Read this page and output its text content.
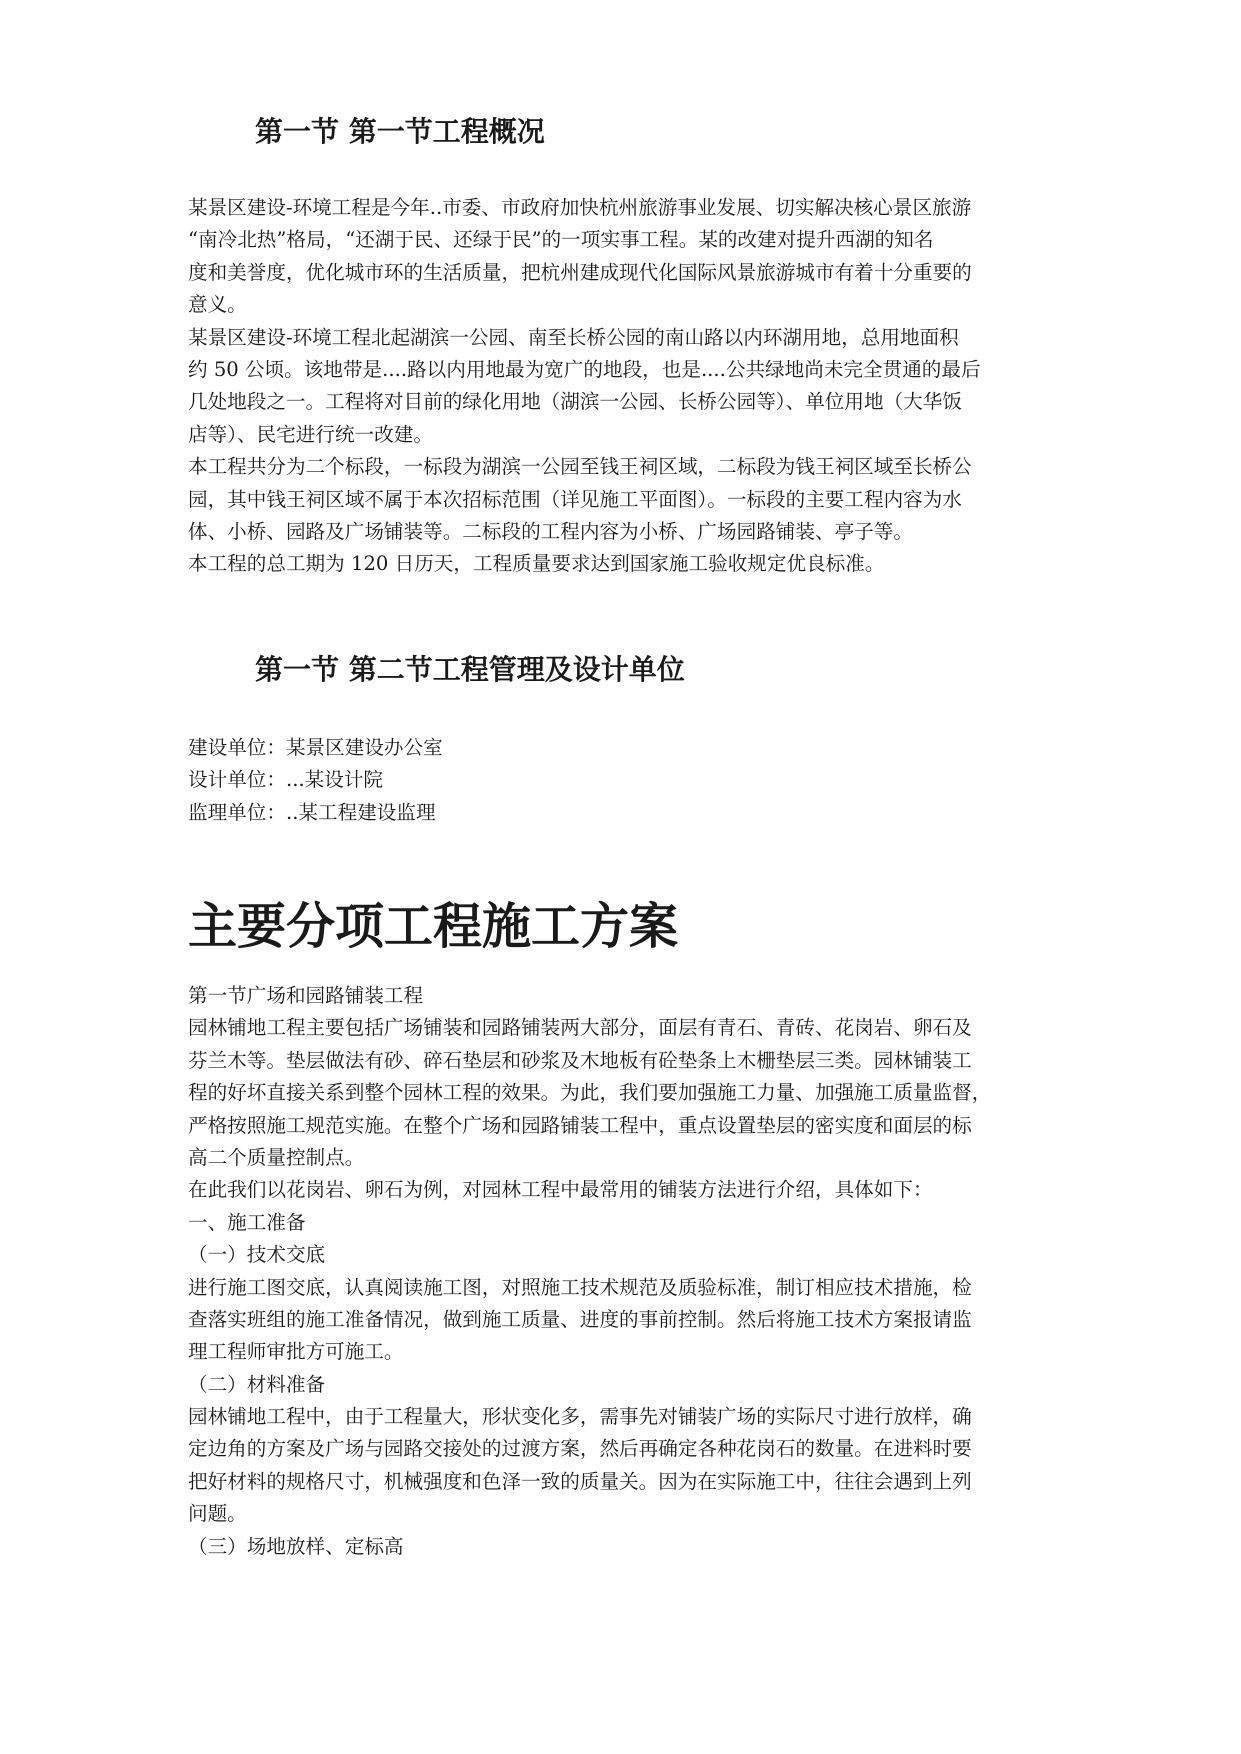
第一节 第一节工程概况
某景区建设-环境工程是今年..市委、市政府加快杭州旅游事业发展、切实解决核心景区旅游
“南冷北热”格局，“还湖于民、还绿于民”的一项实事工程。某的改建对提升西湖的知名
度和美誉度，优化城市环的生活质量，把杭州建成现代化国际风景旅游城市有着十分重要的
意义。
某景区建设-环境工程北起湖滨一公园、南至长桥公园的南山路以内环湖用地，总用地面积
约 50 公顷。该地带是....路以内用地最为宽广的地段，也是....公共绿地尚未完全贯通的最后
几处地段之一。工程将对目前的绿化用地（湖滨一公园、长桥公园等）、单位用地（大华饭
店等）、民宅进行统一改建。
本工程共分为二个标段，一标段为湖滨一公园至钱王祠区域，二标段为钱王祠区域至长桥公
园，其中钱王祠区域不属于本次招标范围（详见施工平面图）。一标段的主要工程内容为水
体、小桥、园路及广场铺装等。二标段的工程内容为小桥、广场园路铺装、亭子等。
本工程的总工期为 120 日历天，工程质量要求达到国家施工验收规定优良标准。
第一节 第二节工程管理及设计单位
建设单位：某景区建设办公室
设计单位：...某设计院
监理单位：..某工程建设监理
主要分项工程施工方案
第一节广场和园路铺装工程
园林铺地工程主要包括广场铺装和园路铺装两大部分，面层有青石、青砖、花岗岩、卵石及
芬兰木等。垫层做法有砂、碎石垫层和砂浆及木地板有砼垫条上木栅垫层三类。园林铺装工
程的好坏直接关系到整个园林工程的效果。为此，我们要加强施工力量、加强施工质量监督，
严格按照施工规范实施。在整个广场和园路铺装工程中，重点设置垫层的密实度和面层的标
高二个质量控制点。
在此我们以花岗岩、卵石为例，对园林工程中最常用的铺装方法进行介绍，具体如下：
一、施工准备
（一）技术交底
进行施工图交底，认真阅读施工图，对照施工技术规范及质验标准，制订相应技术措施，检
查落实班组的施工准备情况，做到施工质量、进度的事前控制。然后将施工技术方案报请监
理工程师审批方可施工。
（二）材料准备
园林铺地工程中，由于工程量大，形状变化多，需事先对铺装广场的实际尺寸进行放样，确
定边角的方案及广场与园路交接处的过渡方案，然后再确定各种花岗石的数量。在进料时要
把好材料的规格尺寸，机械强度和色泽一致的质量关。因为在实际施工中，往往会遇到上列
问题。
（三）场地放样、定标高
